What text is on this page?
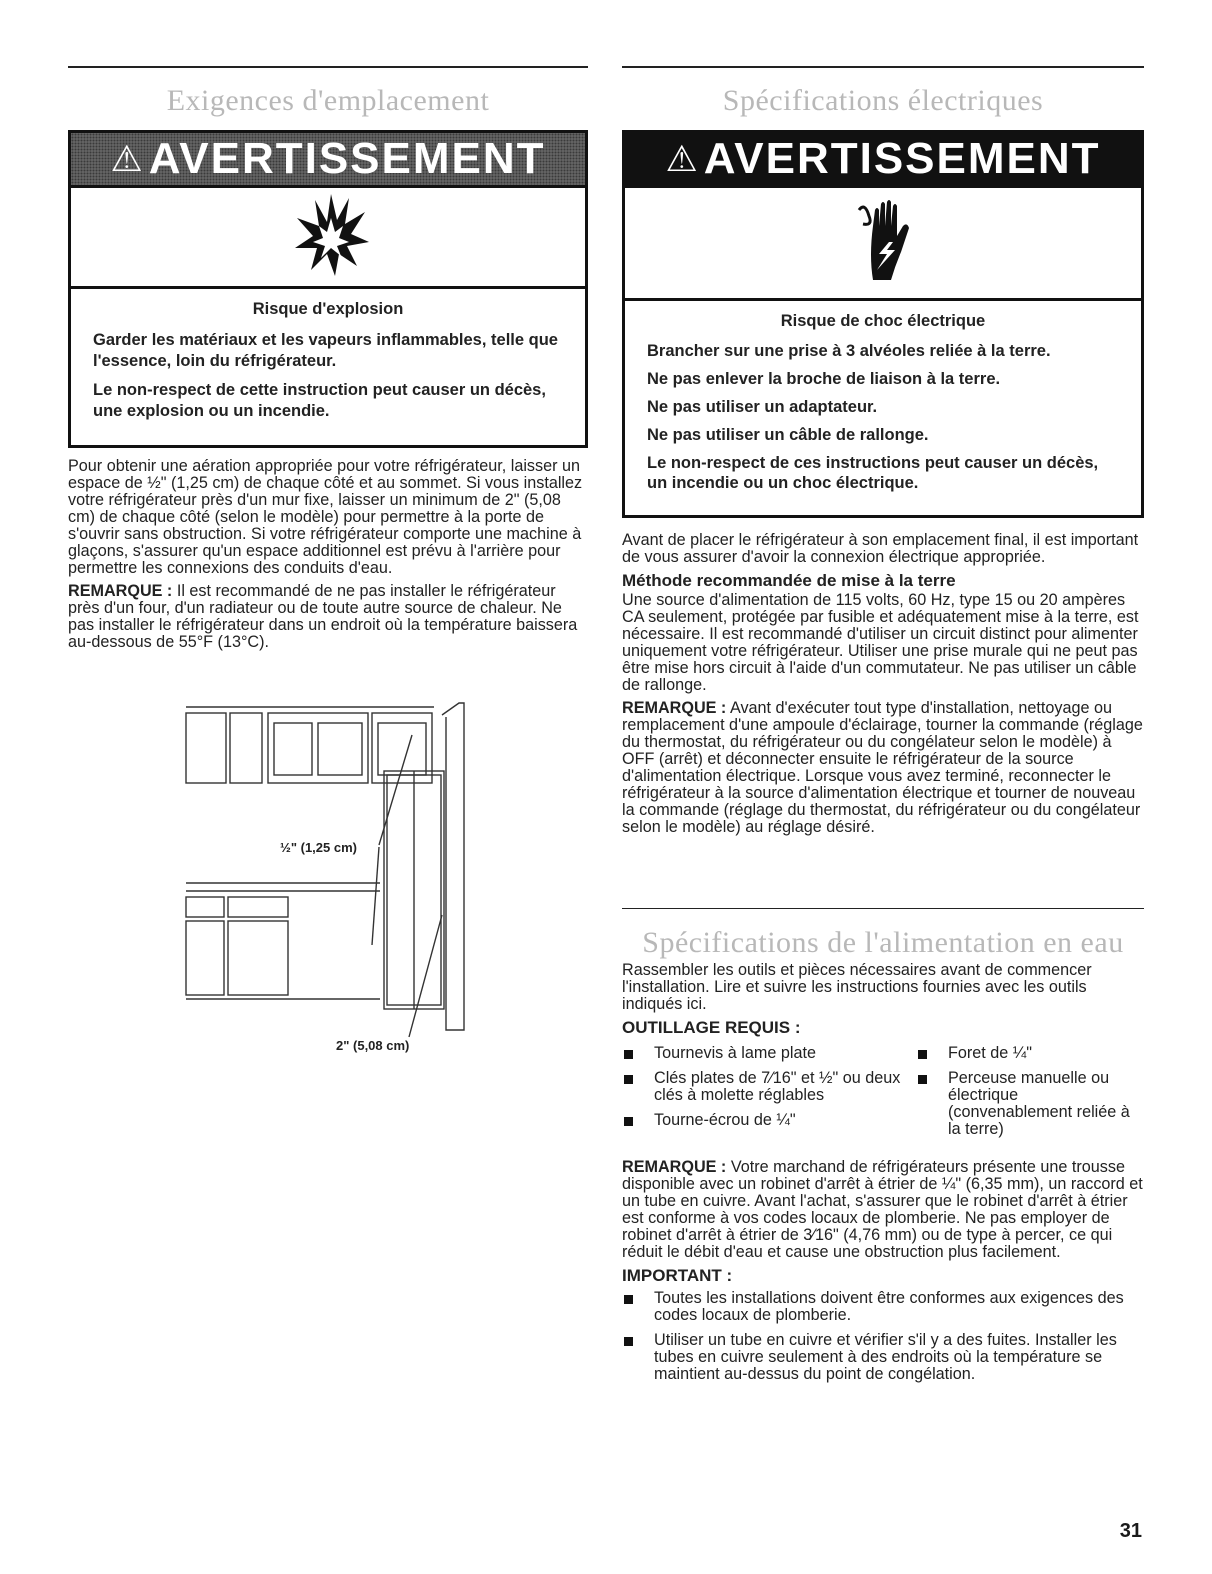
Exigences d'emplacement
⚠AVERTISSEMENT
Risque d'explosion

Garder les matériaux et les vapeurs inflammables, telle que l'essence, loin du réfrigérateur.

Le non-respect de cette instruction peut causer un décès, une explosion ou un incendie.

Pour obtenir une aération appropriée pour votre réfrigérateur, laisser un espace de ½" (1,25 cm) de chaque côté et au sommet. Si vous installez votre réfrigérateur près d'un mur fixe, laisser un minimum de 2" (5,08 cm) de chaque côté (selon le modèle) pour permettre à la porte de s'ouvrir sans obstruction. Si votre réfrigérateur comporte une machine à glaçons, s'assurer qu'un espace additionnel est prévu à l'arrière pour permettre les connexions des conduits d'eau.

REMARQUE : Il est recommandé de ne pas installer le réfrigérateur près d'un four, d'un radiateur ou de toute autre source de chaleur. Ne pas installer le réfrigérateur dans un endroit où la température baissera au-dessous de 55°F (13°C).

½" (1,25 cm)
2" (5,08 cm)
Spécifications électriques
⚠AVERTISSEMENT
Risque de choc électrique

Brancher sur une prise à 3 alvéoles reliée à la terre.

Ne pas enlever la broche de liaison à la terre.

Ne pas utiliser un adaptateur.

Ne pas utiliser un câble de rallonge.

Le non-respect de ces instructions peut causer un décès, un incendie ou un choc électrique.

Avant de placer le réfrigérateur à son emplacement final, il est important de vous assurer d'avoir la connexion électrique appropriée.

Méthode recommandée de mise à la terre

Une source d'alimentation de 115 volts, 60 Hz, type 15 ou 20 ampères CA seulement, protégée par fusible et adéquatement mise à la terre, est nécessaire. Il est recommandé d'utiliser un circuit distinct pour alimenter uniquement votre réfrigérateur. Utiliser une prise murale qui ne peut pas être mise hors circuit à l'aide d'un commutateur. Ne pas utiliser un câble de rallonge.

REMARQUE : Avant d'exécuter tout type d'installation, nettoyage ou remplacement d'une ampoule d'éclairage, tourner la commande (réglage du thermostat, du réfrigérateur ou du congélateur selon le modèle) à OFF (arrêt) et déconnecter ensuite le réfrigérateur de la source d'alimentation électrique. Lorsque vous avez terminé, reconnecter le réfrigérateur à la source d'alimentation électrique et tourner de nouveau la commande (réglage du thermostat, du réfrigérateur ou du congélateur selon le modèle) au réglage désiré.

Spécifications de l'alimentation en eau

Rassembler les outils et pièces nécessaires avant de commencer l'installation. Lire et suivre les instructions fournies avec les outils indiqués ici.

OUTILLAGE REQUIS :
Tournevis à lame plate
Clés plates de 7⁄16" et ½" ou deux clés à molette réglables
Tourne-écrou de ¼"
Foret de ¼"
Perceuse manuelle ou électrique (convenablement reliée à la terre)

REMARQUE : Votre marchand de réfrigérateurs présente une trousse disponible avec un robinet d'arrêt à étrier de ¼" (6,35 mm), un raccord et un tube en cuivre. Avant l'achat, s'assurer que le robinet d'arrêt à étrier est conforme à vos codes locaux de plomberie. Ne pas employer de robinet d'arrêt à étrier de 3⁄16" (4,76 mm) ou de type à percer, ce qui réduit le débit d'eau et cause une obstruction plus facilement.

IMPORTANT :
Toutes les installations doivent être conformes aux exigences des codes locaux de plomberie.
Utiliser un tube en cuivre et vérifier s'il y a des fuites. Installer les tubes en cuivre seulement à des endroits où la température se maintient au-dessus du point de congélation.
31
